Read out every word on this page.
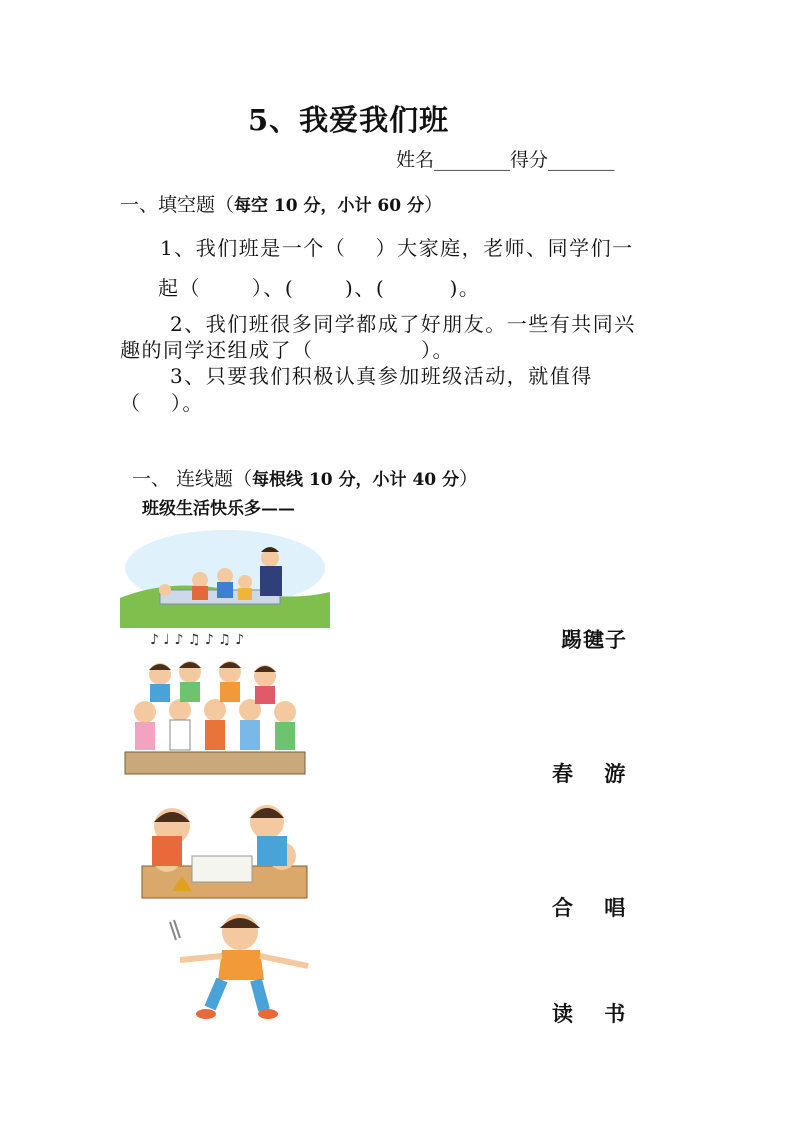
5、我爱我们班
姓名________得分_______
一、填空题（每空 10 分，小计 60 分）
1、我们班是一个（　 ）大家庭，老师、同学们一
起（　　 ）、(　　 )、(　　　)。
2、我们班很多同学都成了好朋友。一些有共同兴
趣的同学还组成了（　　　　　）。
3、只要我们积极认真参加班级活动，就值得
（　 ）。
一、 连线题（每根线 10 分，小计 40 分）
班级生活快乐多——
♪ ♩ ♪ ♫ ♪ ♫ ♪	踢毽子
春　 游
合　 唱
读　 书
